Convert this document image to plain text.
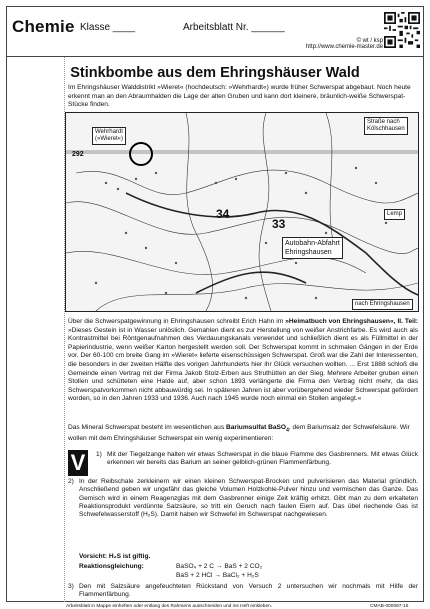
Chemie Klasse ____	Arbeitsblatt Nr. ______
© wt / ksp
http://www.chemie-master.de
Stinkbombe aus dem Ehringshäuser Wald
Im Ehringshäuser Walddistrikt »Wieret« (hochdeutsch: »Wehrhardt«) wurde früher Schwerspat abgebaut. Noch heute erkennt man an den Abraumhalden die Lage der alten Gruben und kann dort kleinere, bräunlich-weiße Schwerspat-Stücke finden.
Wehrhardt
(»Wieret«)
Straße nach
Kölschhausen
Autobahn-Abfahrt
Ehringshausen
Lemp
nach Ehringshausen
292
34
33
Über die Schwerspatgewinnung in Ehringshausen schreibt Erich Hahn im »Heimatbuch von Ehringshausen«, II. Teil: »Dieses Gestein ist in Wasser unlöslich. Gemahlen dient es zur Herstellung von weißer Anstrichfarbe. Es wird auch als Kontrastmittel bei Röntgenaufnahmen des Verdauungskanals verwendet und schließlich dient es als Füllmittel in der Papierindustrie, wenn weißer Karton hergestellt werden soll. Der Schwerspat kommt in schmalen Gängen in der Erde vor. Der 60-100 cm breite Gang im »Wieret« lieferte eisenschüssigen Schwerspat. Groß war die Zahl der Interessenten, die besonders in der zweiten Hälfte des vorigen Jahrhunderts hier ihr Glück versuchen wollten. ... Erst 1888 schloß die Gemeinde einen Vertrag mit der Firma Jakob Stolz-Erben aus Struthütten an der Sieg. Mehrere Arbeiter gruben einen Stollen und schütteten eine Halde auf, aber schon 1893 verlängerte die Firma den Vertrag nicht mehr, da das Schwerspatvorkommen nicht abbauwürdig sei. In späteren Jahren ist aber vorübergehend wieder Schwerspat gefördert worden, so in den Jahren 1933 und 1936. Auch nach 1945 wurde noch einmal ein Stollen angelegt.«
Das Mineral Schwerspat besteht im wesentlichen aus Bariumsulfat BaSO$_4$, dem Bariumsalz der Schwefelsäure. Wir wollen mit dem Ehringshäuser Schwerspat ein wenig experimentieren:
V	1) Mit der Tiegelzange halten wir etwas Schwerspat in die blaue Flamme des Gasbrenners. Mit etwas Glück erkennen wir bereits das Barium an seiner gelblich-grünen Flammenfärbung.
2) In der Reibschale zerkleinern wir einen kleinen Schwerspat-Brocken und pulverisieren das Material gründlich. Anschließend geben wir ungefähr das gleiche Volumen Holzkohle-Pulver hinzu und vermischen das Ganze. Das Gemisch wird in einem Reagenzglas mit dem Gasbrenner einige Zeit kräftig erhitzt. Gibt man zu dem erkalteten Reaktionsprodukt verdünnte Salzsäure, so tritt ein Geruch nach faulen Eiern auf. Das übel riechende Gas ist Schwefelwasserstoff (H₂S). Damit haben wir Schwefel im Schwerspat nachgewiesen.
Vorsicht: H₂S ist giftig.
Reaktionsgleichung:	BaSO₄ + 2 C → BaS + 2 CO₂
BaS + 2 HCl → BaCl₂ + H₂S
3) Den mit Salzsäure angefeuchteten Rückstand von Versuch 2 untersuchen wir nochmals mit Hilfe der Flammenfärbung.
Arbeitsblatt in Mappe einheften oder entlang des Rahmens ausschneiden und ins Heft einkleben.	CMAB-000087-15
